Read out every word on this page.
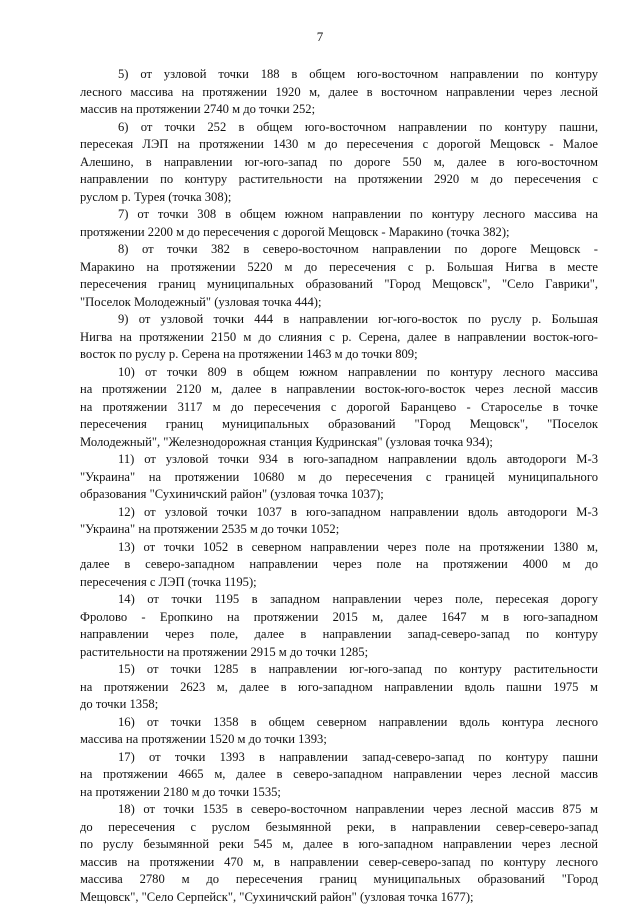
7

5) от узловой точки 188 в общем юго-восточном направлении по контуру
лесного массива на протяжении 1920 м, далее в восточном направлении через лесной
массив на протяжении 2740 м до точки 252;

6) от точки 252 в общем юго-восточном направлении по контуру пашни,
пересекая ЛЭП на протяжении 1430 м до пересечения с дорогой Мещовск - Малое
Алешино, в направлении юг-юго-запад по дороге 550 м, далее в юго-восточном
направлении по контуру растительности на протяжении 2920 м до пересечения с
руслом р. Турея (точка 308);

7) от точки 308 в общем южном направлении по контуру лесного массива на
протяжении 2200 м до пересечения с дорогой Мещовск - Маракино (точка 382);

8) от точки 382 в северо-восточном направлении по дороге Мещовск -
Маракино на протяжении 5220 м до пересечения с р. Большая Нигва в месте
пересечения границ муниципальных образований "Город Мещовск", "Село Гаврики",
"Поселок Молодежный" (узловая точка 444);

9) от узловой точки 444 в направлении юг-юго-восток по руслу р. Большая
Нигва на протяжении 2150 м до слияния с р. Серена, далее в направлении восток-юго-
восток по руслу р. Серена на протяжении 1463 м до точки 809;

10) от точки 809 в общем южном направлении по контуру лесного массива
на протяжении 2120 м, далее в направлении восток-юго-восток через лесной массив
на протяжении 3117 м до пересечения с дорогой Баранцево - Староселье в точке
пересечения границ муниципальных образований "Город Мещовск", "Поселок
Молодежный", "Железнодорожная станция Кудринская" (узловая точка 934);

11) от узловой точки 934 в юго-западном направлении вдоль автодороги М-3
"Украина" на протяжении 10680 м до пересечения с границей муниципального
образования "Сухиничский район" (узловая точка 1037);

12) от узловой точки 1037 в юго-западном направлении вдоль автодороги М-3
"Украина" на протяжении 2535 м до точки 1052;

13) от точки 1052 в северном направлении через поле на протяжении 1380 м,
далее в северо-западном направлении через поле на протяжении 4000 м до
пересечения с ЛЭП (точка 1195);

14) от точки 1195 в западном направлении через поле, пересекая дорогу
Фролово - Еропкино на протяжении 2015 м, далее 1647 м в юго-западном
направлении через поле, далее в направлении запад-северо-запад по контуру
растительности на протяжении 2915 м до точки 1285;

15) от точки 1285 в направлении юг-юго-запад по контуру растительности
на протяжении 2623 м, далее в юго-западном направлении вдоль пашни 1975 м
до точки 1358;

16) от точки 1358 в общем северном направлении вдоль контура лесного
массива на протяжении 1520 м до точки 1393;

17) от точки 1393 в направлении запад-северо-запад по контуру пашни
на протяжении 4665 м, далее в северо-западном направлении через лесной массив
на протяжении 2180 м до точки 1535;

18) от точки 1535 в северо-восточном направлении через лесной массив 875 м
до пересечения с руслом безымянной реки, в направлении север-северо-запад
по руслу безымянной реки 545 м, далее в юго-западном направлении через лесной
массив на протяжении 470 м, в направлении север-северо-запад по контуру лесного
массива 2780 м до пересечения границ муниципальных образований "Город
Мещовск", "Село Серпейск", "Сухиничский район" (узловая точка 1677);
